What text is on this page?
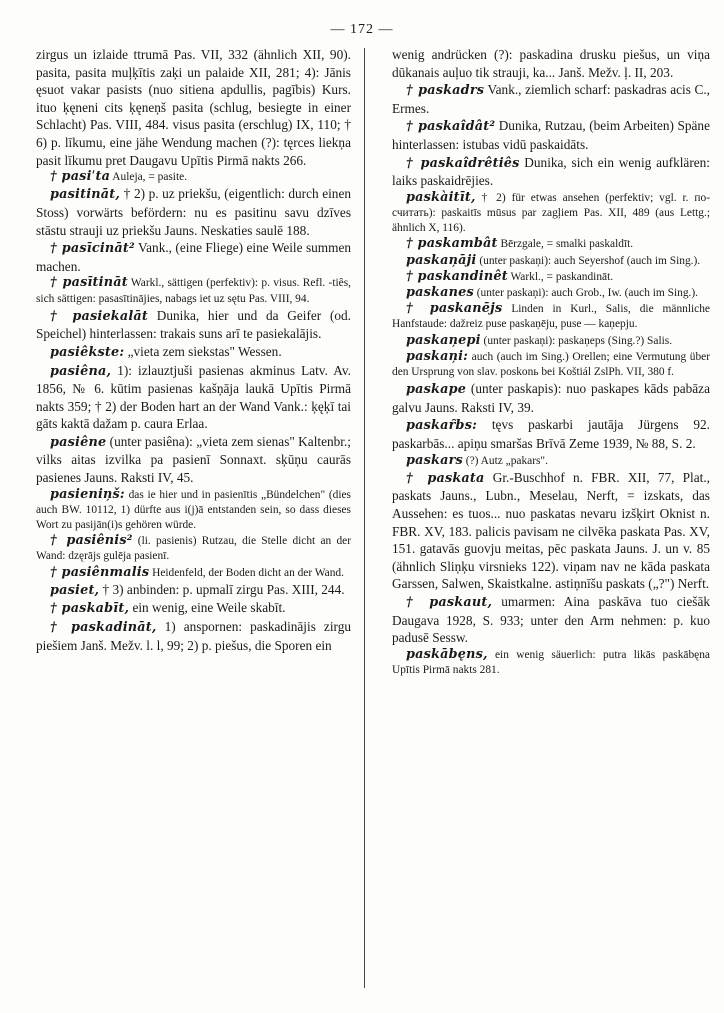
— 172 —

zirgus un izlaide ttrumā Pas. VII, 332 (ähnlich XII, 90). pasita, pasita muļķītis zaķi un palaide XII, 281; 4): Jānis ęsuot vakar pasists (nuo sitiena apdullis, pagībis) Kurs. ituo ķęneni cits ķęneņš pasita (schlug, besiegte in einer Schlacht) Pas. VIII, 484. visus pasita (erschlug) IX, 110; † 6) p. līkumu, eine jähe Wendung machen (?): tęrces liekņa pasit līkumu pret Daugavu Upītis Pirmā nakts 266.

† pasiˈta Auleja, = pasite.

pasitināt, † 2) p. uz priekšu, (eigentlich: durch einen Stoss) vorwärts befördern: nu es pasitinu savu dzīves stāstu strauji uz priekšu Jauns. Neskaties saulē 188.

† pasīcināt² Vank., (eine Fliege) eine Weile summen machen.

† pasītināt Warkl., sättigen (perfektiv): p. visus. Refl. -tiês, sich sättigen: pasasītinājies, nabags iet uz sętu Pas. VIII, 94.

† pasiekalāt Dunika, hier und da Geifer (od. Speichel) hinterlassen: trakais suns arī te pasiekalājis.

pasiêkste: „vieta zem siekstas" Wessen.

pasiêna, 1): izlauztjuši pasienas akminus Latv. Av. 1856, № 6. kūtim pasienas kašņāja laukā Upītis Pirmā nakts 359; † 2) der Boden hart an der Wand Vank.: ķęķī tai gāts kaktā dažam p. caura Erlaa.

pasiêne (unter pasiêna): „vieta zem sienas" Kaltenbr.; vilks aitas izvilka pa pasienī Sonnaxt. sķūņu caurās pasienes Jauns. Raksti IV, 45.

pasieniņš: das ie hier und in pasienītis „Bündelchen" (dies auch BW. 10112, 1) dürfte aus i(j)ā entstanden sein, so dass dieses Wort zu pasijān(i)s gehören würde.

† pasiênis² (li. pasienis) Rutzau, die Stelle dicht an der Wand: dzęrājs gulēja pasienī.

† pasiênmalis Heidenfeld, der Boden dicht an der Wand.

pasiet, † 3) anbinden: p. upmalī zirgu Pas. XIII, 244.

† paskabīt, ein wenig, eine Weile skabīt.

† paskadināt, 1) anspornen: paskadinājis zirgu piešiem Janš. Mežv. l. l, 99; 2) p. piešus, die Sporen ein

wenig andrücken (?): paskadina drusku piešus, un viņa dūkanais auļuo tik strauji, ka... Janš. Mežv. ļ. II, 203.

† paskadrs Vank., ziemlich scharf: paskadras acis C., Ermes.

† paskaîdât² Dunika, Rutzau, (beim Arbeiten) Späne hinterlassen: istubas vidū paskaidāts.

† paskaîdrêtiês Dunika, sich ein wenig aufklären: laiks paskaidrējies.

paskàitīt, † 2) für etwas ansehen (perfektiv; vgl. r. по-считать): paskaitīs mūsus par zagļiem Pas. XII, 489 (aus Lettg.; ähnlich X, 116).

† paskambât Bērzgale, = smalki paskaldīt.

paskaņāji (unter paskaņi): auch Seyershof (auch im Sing.).

† paskandinêt Warkl., = paskandināt.

paskanes (unter paskaņi): auch Grob., Iw. (auch im Sing.).

† paskanējs Linden in Kurl., Salis, die männliche Hanfstaude: dažreiz puse paskaņēju, puse — kaņepju.

paskaņepi (unter paskaņi): paskaņeps (Sing.?) Salis.

paskaņi: auch (auch im Sing.) Orellen; eine Vermutung über den Ursprung von slav. poskonь bei Koštiál ZslPh. VII, 380 f.

paskape (unter paskapis): nuo paskapes kāds pabāza galvu Jauns. Raksti IV, 39.

paskaȓbs: tęvs paskarbi jautāja Jürgens 92. paskarbās... apiņu smaršas Brīvā Zeme 1939, № 88, S. 2.

paskars (?) Autz „pakars".

† paskata Gr.-Buschhof n. FBR. XII, 77, Plat., paskats Jauns., Lubn., Meselau, Nerft, = izskats, das Aussehen: es tuos... nuo paskatas nevaru izšķirt Oknist n. FBR. XV, 183. palicis pavisam ne cilvēka paskata Pas. XV, 151. gatavās guovju meitas, pēc paskata Jauns. J. un v. 85 (ähnlich Sliņķu virsnieks 122). viņam nav ne kāda paskata Garssen, Salwen, Skaistkalne. astiņnīšu paskats („?") Nerft.

† paskaut, umarmen: Aina paskāva tuo ciešāk Daugava 1928, S. 933; unter den Arm nehmen: p. kuo padusē Sessw.

paskābęns, ein wenig säuerlich: putra likās paskābęna Upītis Pirmā nakts 281.
